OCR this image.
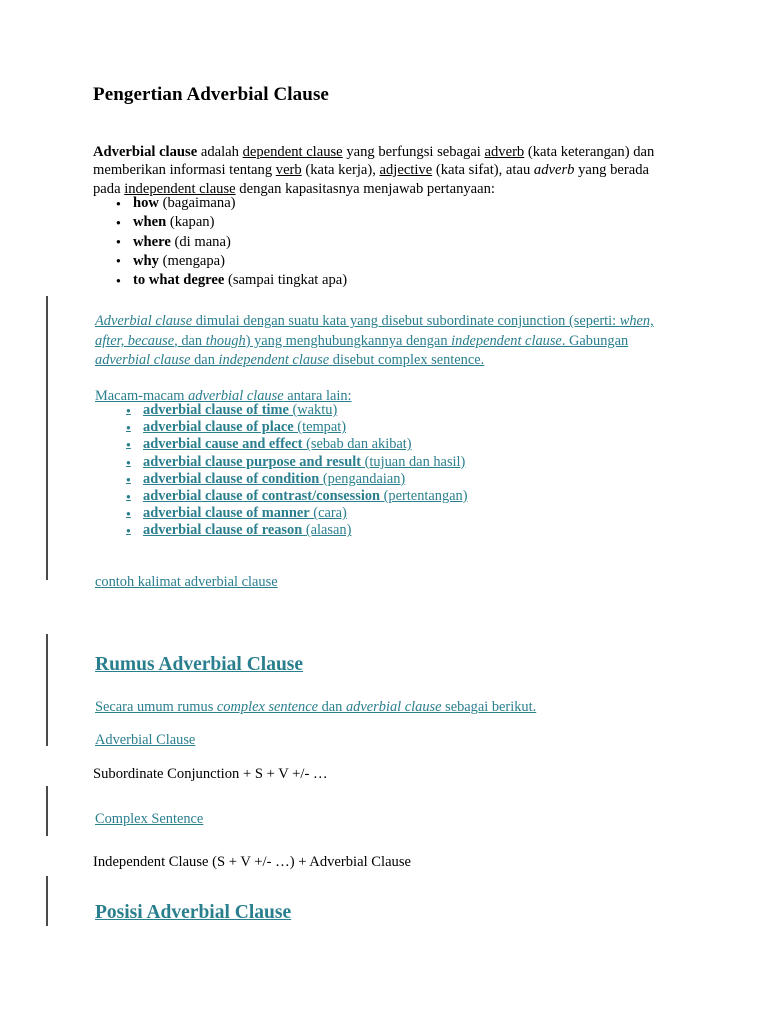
Pengertian Adverbial Clause

Adverbial clause adalah dependent clause yang berfungsi sebagai adverb (kata keterangan) dan memberikan informasi tentang verb (kata kerja), adjective (kata sifat), atau adverb yang berada pada independent clause dengan kapasitasnya menjawab pertanyaan:

● how (bagaimana)
● when (kapan)
● where (di mana)
● why (mengapa)
● to what degree (sampai tingkat apa)

Adverbial clause dimulai dengan suatu kata yang disebut subordinate conjunction (seperti: when, after, because, dan though) yang menghubungkannya dengan independent clause. Gabungan adverbial clause dan independent clause disebut complex sentence.

Macam-macam adverbial clause antara lain:

● adverbial clause of time (waktu)
● adverbial clause of place (tempat)
● adverbial cause and effect (sebab dan akibat)
● adverbial clause purpose and result (tujuan dan hasil)
● adverbial clause of condition (pengandaian)
● adverbial clause of contrast/consession (pertentangan)
● adverbial clause of manner (cara)
● adverbial clause of reason (alasan)

contoh kalimat adverbial clause

Rumus Adverbial Clause

Secara umum rumus complex sentence dan adverbial clause sebagai berikut.

Adverbial Clause

Subordinate Conjunction + S + V +/- …

Complex Sentence

Independent Clause (S + V +/- …) + Adverbial Clause

Posisi Adverbial Clause
